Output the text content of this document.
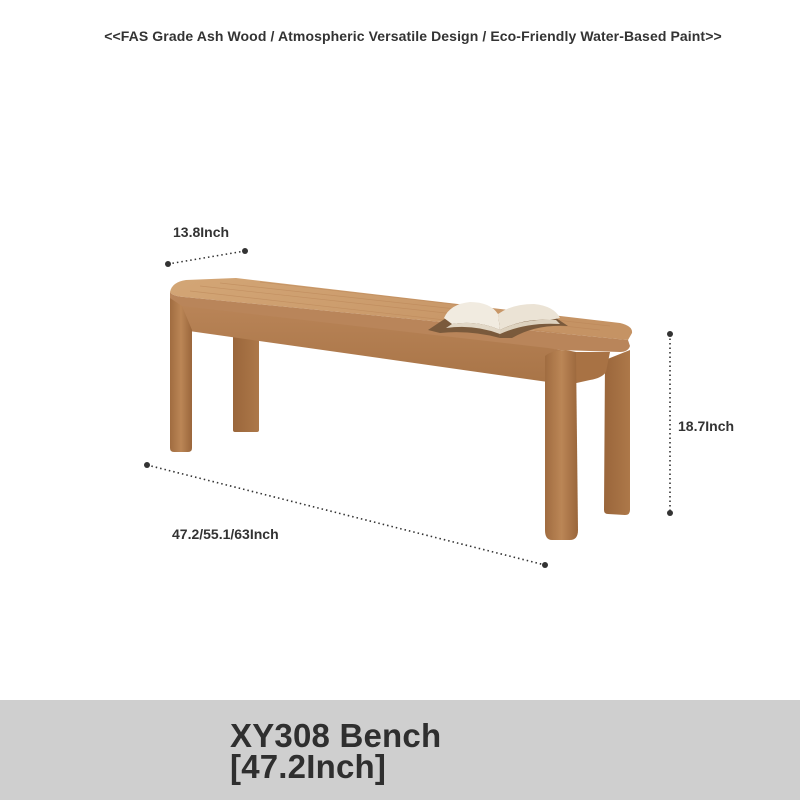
<<FAS Grade Ash Wood / Atmospheric Versatile Design / Eco-Friendly Water-Based Paint>>
13.8Inch
18.7Inch
47.2/55.1/63Inch
XY308 Bench
[47.2Inch]
